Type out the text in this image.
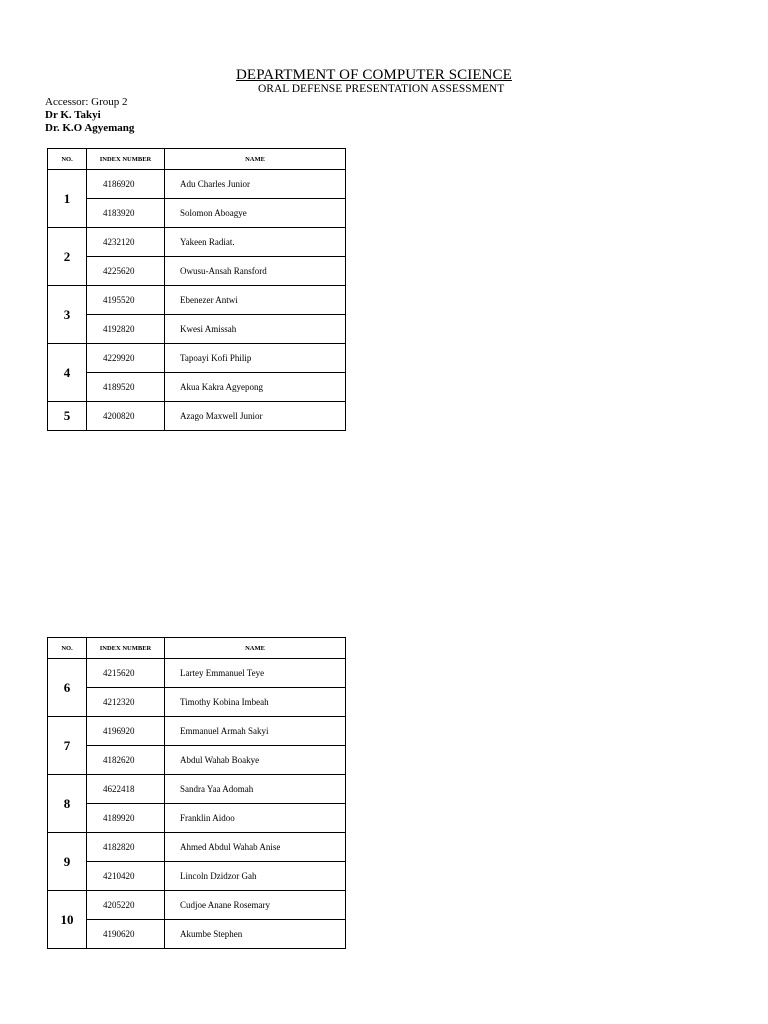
DEPARTMENT OF COMPUTER SCIENCE
ORAL DEFENSE PRESENTATION ASSESSMENT

Accessor: Group 2

Dr K. Takyi

Dr. K.O Agyemang

NO.	INDEX NUMBER	NAME
1	4186920	Adu Charles Junior
	4183920	Solomon Aboagye
2	4232120	Yakeen Radiat.
	4225620	Owusu-Ansah Ransford
3	4195520	Ebenezer Antwi
	4192820	Kwesi Amissah
4	4229920	Tapoayi Kofi Philip
	4189520	Akua Kakra Agyepong
5	4200820	Azago Maxwell Junior
NO.	INDEX NUMBER	NAME
6	4215620	Lartey Emmanuel Teye
	4212320	Timothy Kobina Imbeah
7	4196920	Emmanuel Armah Sakyi
	4182620	Abdul Wahab Boakye
8	4622418	Sandra Yaa Adomah
	4189920	Franklin Aidoo
9	4182820	Ahmed Abdul Wahab Anise
	4210420	Lincoln Dzidzor Gah
10	4205220	Cudjoe Anane Rosemary
	4190620	Akumbe Stephen
